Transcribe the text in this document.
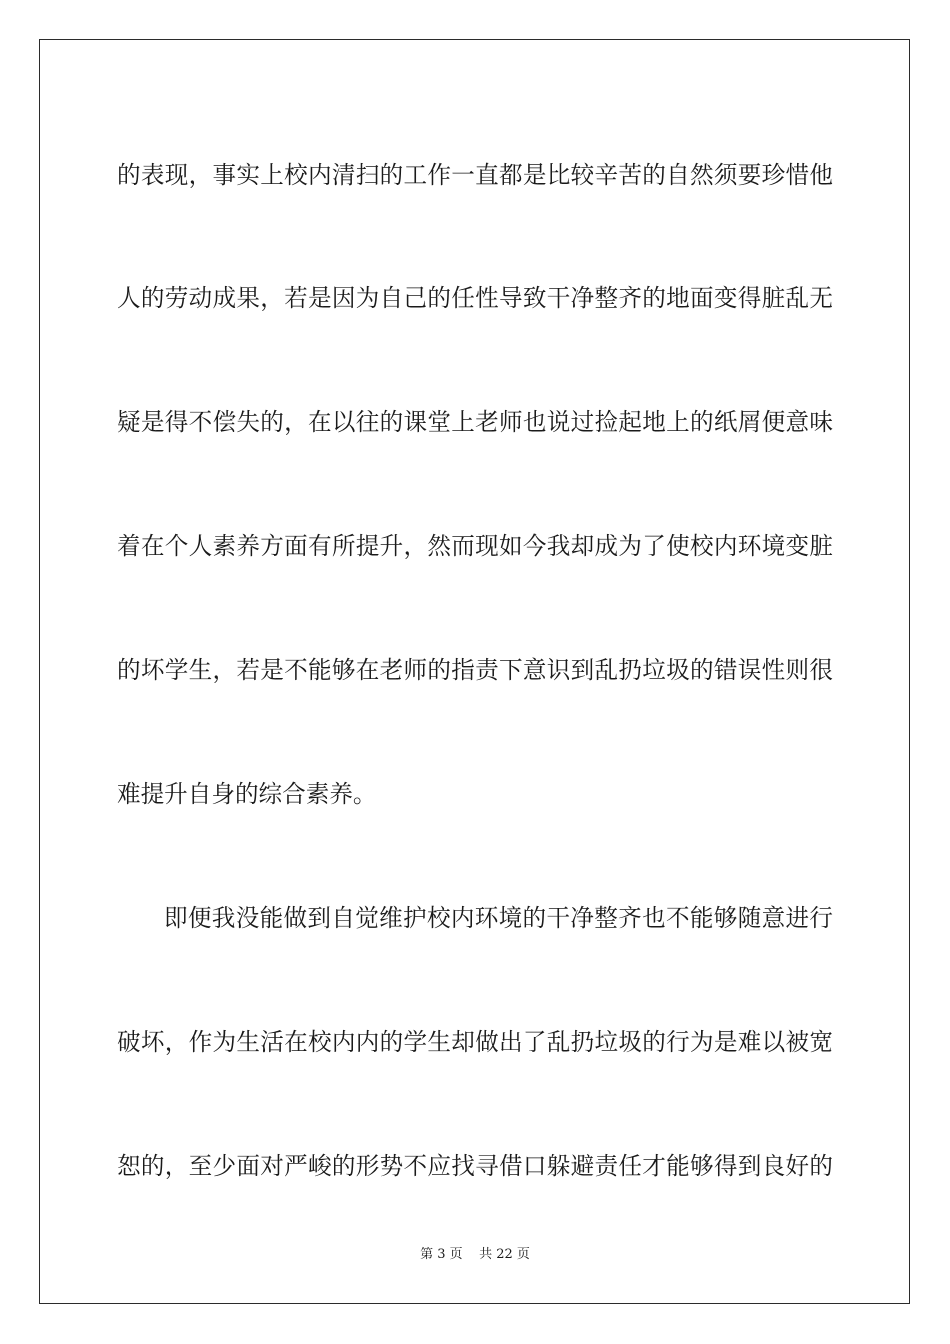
的表现，事实上校内清扫的工作一直都是比较辛苦的自然须要珍惜他

人的劳动成果，若是因为自己的任性导致干净整齐的地面变得脏乱无

疑是得不偿失的，在以往的课堂上老师也说过捡起地上的纸屑便意味

着在个人素养方面有所提升，然而现如今我却成为了使校内环境变脏

的坏学生，若是不能够在老师的指责下意识到乱扔垃圾的错误性则很

难提升自身的综合素养。

即便我没能做到自觉维护校内环境的干净整齐也不能够随意进行

破坏，作为生活在校内内的学生却做出了乱扔垃圾的行为是难以被宽

恕的，至少面对严峻的形势不应找寻借口躲避责任才能够得到良好的

第 3 页    共 22 页
